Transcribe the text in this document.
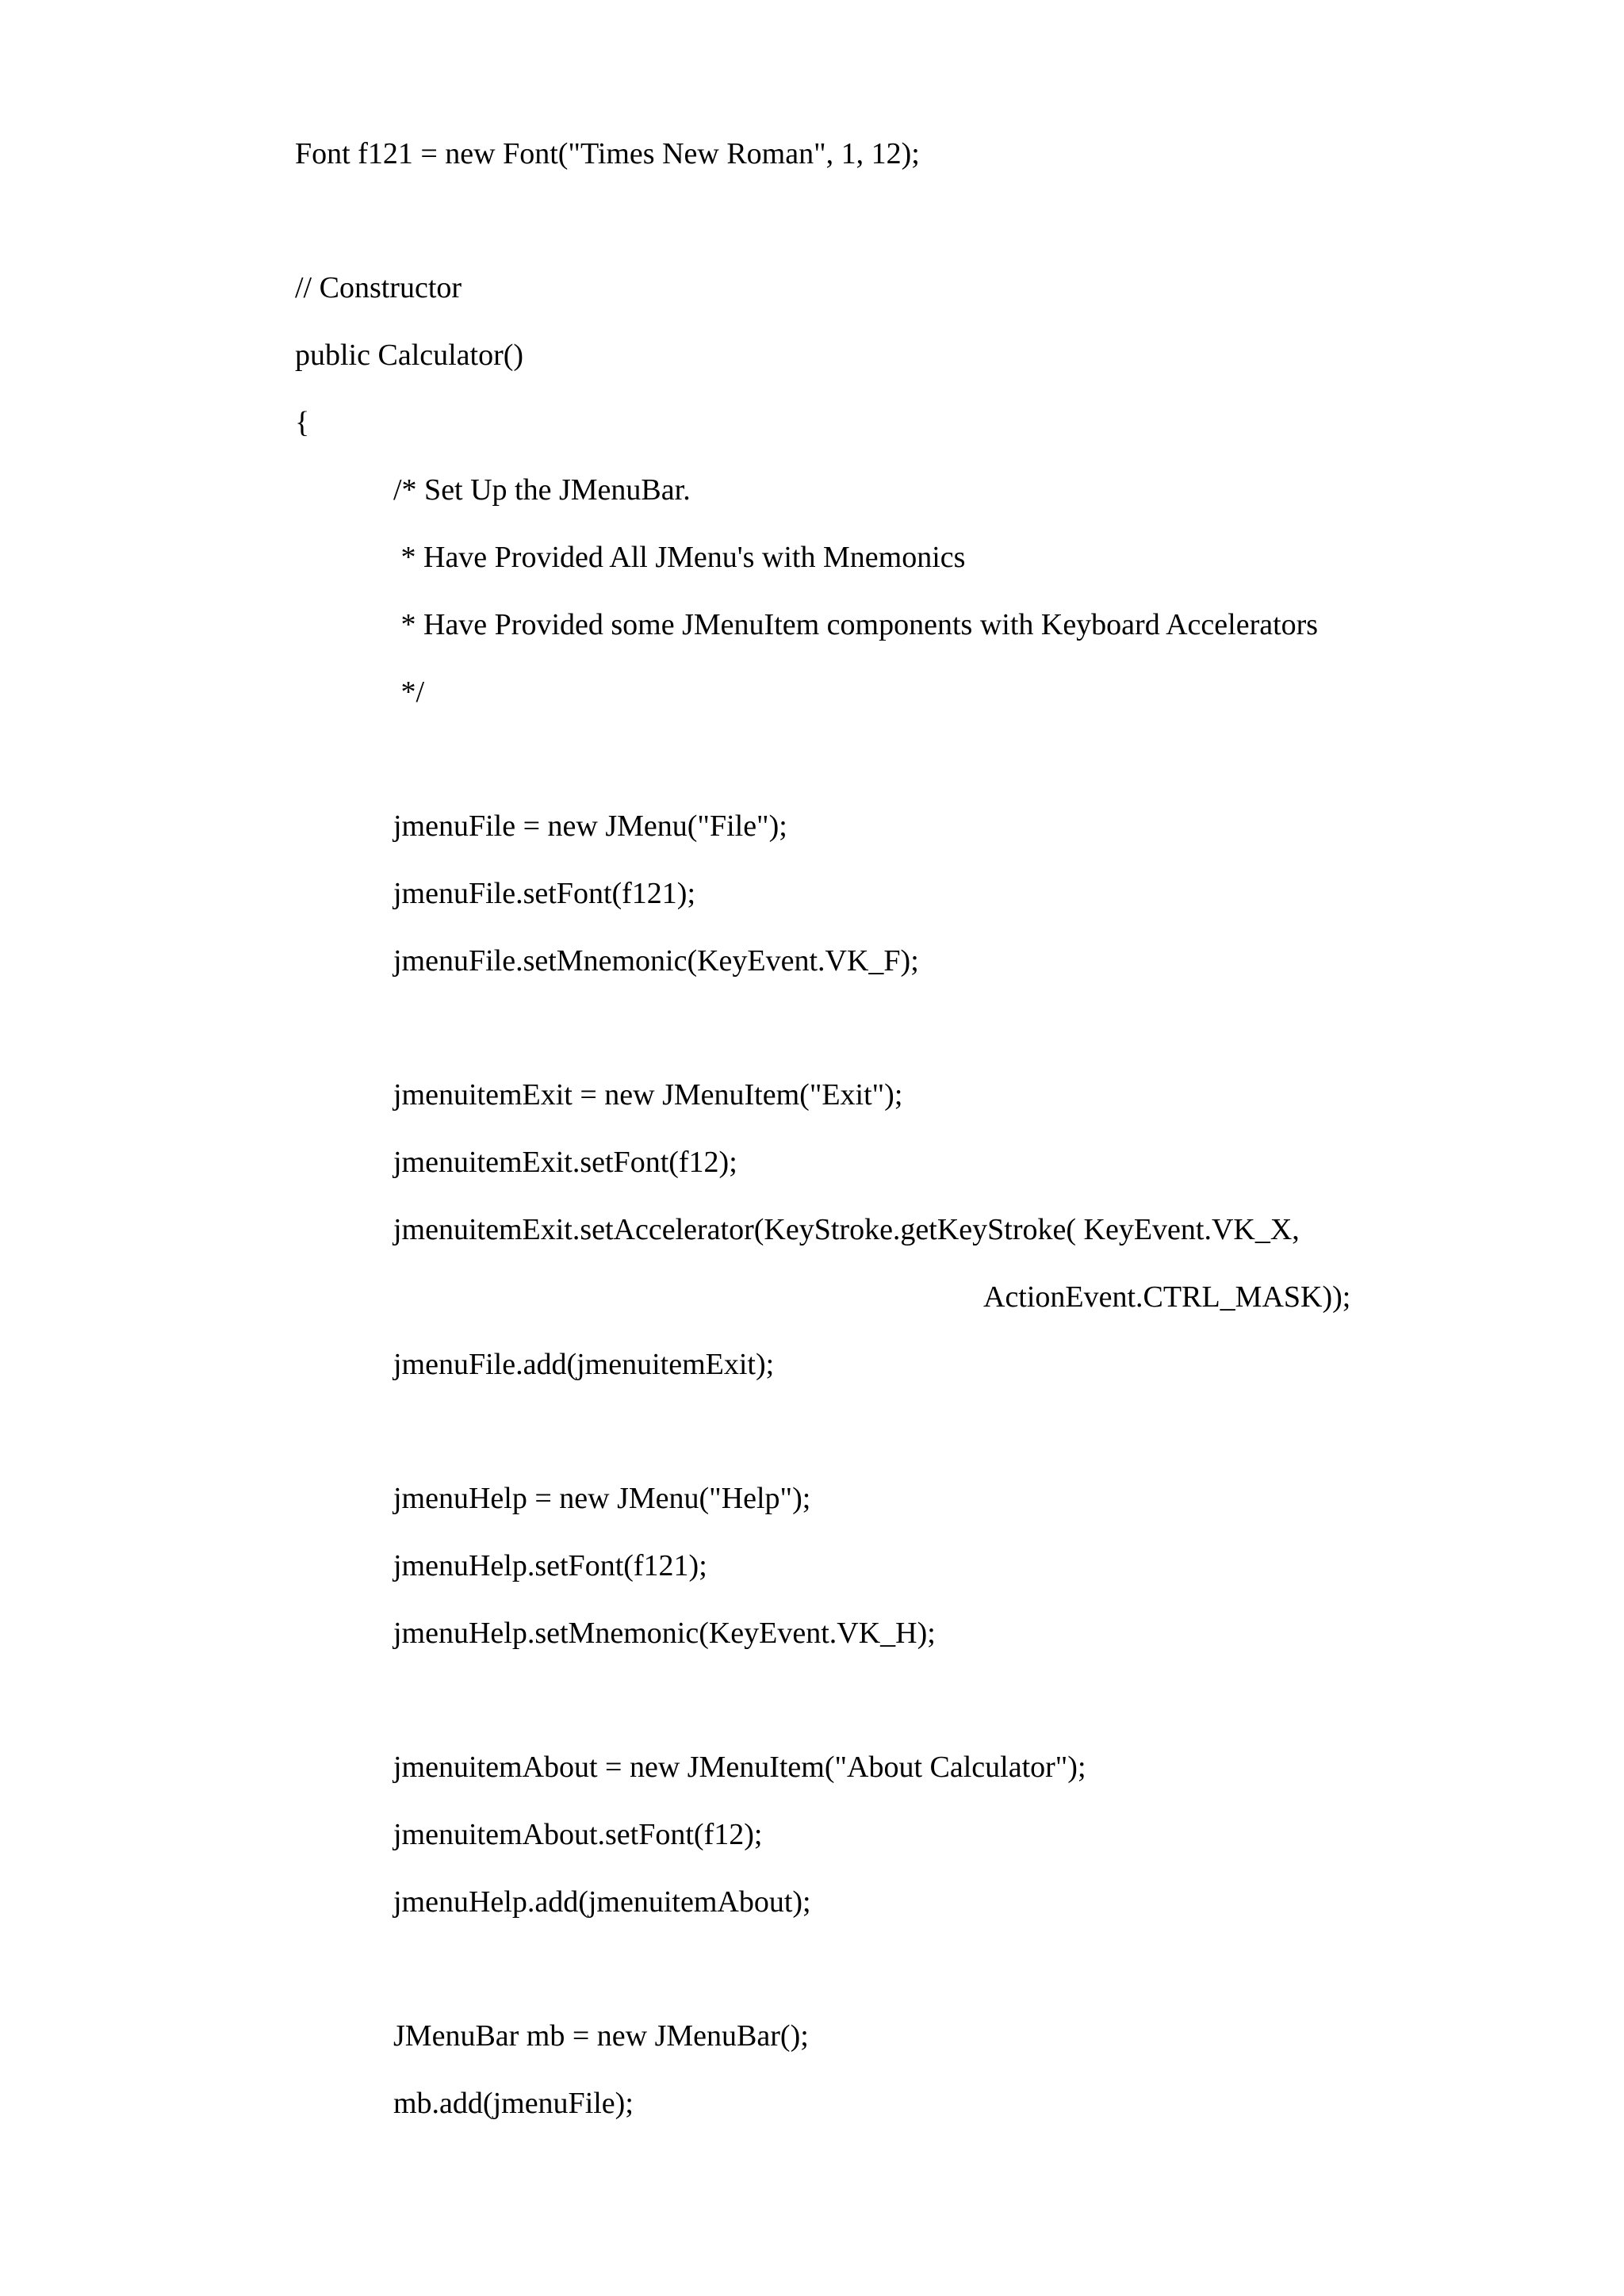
Font f121 = new Font("Times New Roman", 1, 12);
// Constructor
public Calculator()
{
/* Set Up the JMenuBar.
* Have Provided All JMenu's with Mnemonics
* Have Provided some JMenuItem components with Keyboard Accelerators
*/
jmenuFile = new JMenu("File");
jmenuFile.setFont(f121);
jmenuFile.setMnemonic(KeyEvent.VK_F);
jmenuitemExit = new JMenuItem("Exit");
jmenuitemExit.setFont(f12);
jmenuitemExit.setAccelerator(KeyStroke.getKeyStroke( KeyEvent.VK_X,
ActionEvent.CTRL_MASK));
jmenuFile.add(jmenuitemExit);
jmenuHelp = new JMenu("Help");
jmenuHelp.setFont(f121);
jmenuHelp.setMnemonic(KeyEvent.VK_H);
jmenuitemAbout = new JMenuItem("About Calculator");
jmenuitemAbout.setFont(f12);
jmenuHelp.add(jmenuitemAbout);
JMenuBar mb = new JMenuBar();
mb.add(jmenuFile);
